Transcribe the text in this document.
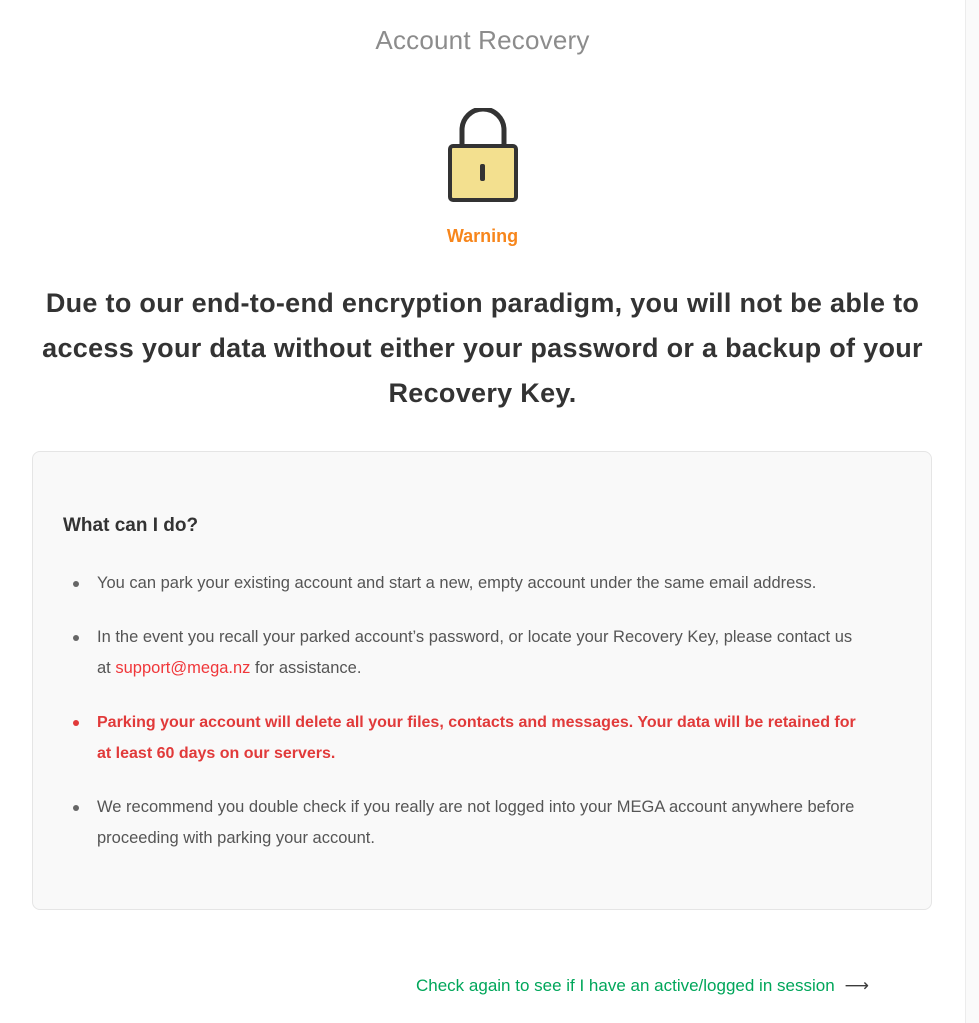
Account Recovery
Warning
Due to our end-to-end encryption paradigm, you will not be able to access your data without either your password or a backup of your Recovery Key.
What can I do?
You can park your existing account and start a new, empty account under the same email address.
In the event you recall your parked account’s password, or locate your Recovery Key, please contact us at support@mega.nz for assistance.
Parking your account will delete all your files, contacts and messages. Your data will be retained for at least 60 days on our servers.
We recommend you double check if you really are not logged into your MEGA account anywhere before proceeding with parking your account.
Check again to see if I have an active/logged in session ⟶
